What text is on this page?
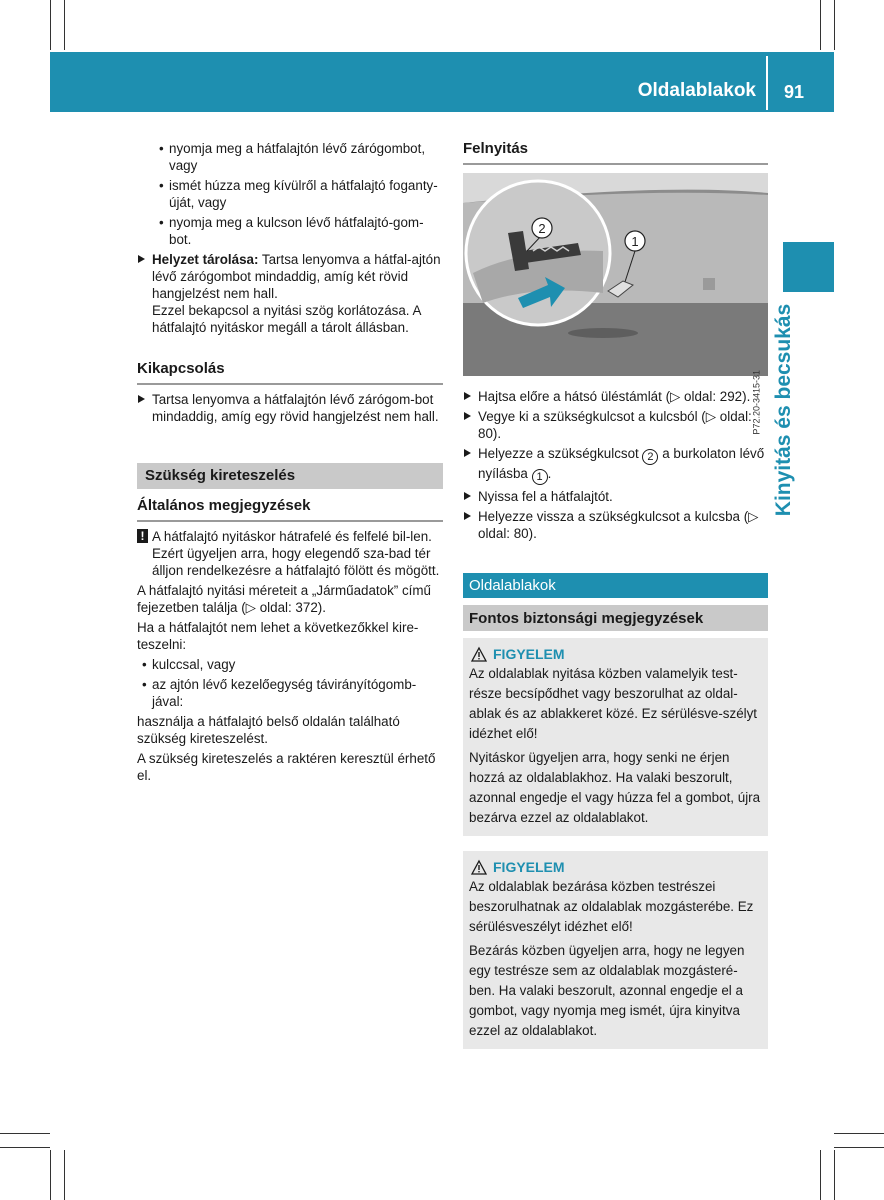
Oldalablakok 91
Kinyitás és becsukás
• nyomja meg a hátfalajtón lévő zárógombot, vagy
• ismét húzza meg kívülről a hátfalajtó foganty-úját, vagy
• nyomja meg a kulcson lévő hátfalajtó-gom-bot.
Helyzet tárolása: Tartsa lenyomva a hátfal-ajtón lévő zárógombot mindaddig, amíg két rövid hangjelzést nem hall.
Ezzel bekapcsol a nyitási szög korlátozása. A hátfalajtó nyitáskor megáll a tárolt állásban.
Kikapcsolás
Tartsa lenyomva a hátfalajtón lévő zárógom-bot mindaddig, amíg egy rövid hangjelzést nem hall.
Szükség kireteszelés
Általános megjegyzések
! A hátfalajtó nyitáskor hátrafelé és felfelé bil-len. Ezért ügyeljen arra, hogy elegendő sza-bad tér álljon rendelkezésre a hátfalajtó fölött és mögött.
A hátfalajtó nyitási méreteit a „Járműadatok” című fejezetben találja (▷ oldal: 372).
Ha a hátfalajtót nem lehet a következőkkel kire-teszelni:
• kulccsal, vagy
• az ajtón lévő kezelőegység távirányítógomb-jával:
használja a hátfalajtó belső oldalán található szükség kireteszelést.
A szükség kireteszelés a raktéren keresztül érhető el.
Felnyitás
2
1
P72.20-3415-31
Hajtsa előre a hátsó üléstámlát (▷ oldal: 292).
Vegye ki a szükségkulcsot a kulcsból (▷ oldal: 80).
Helyezze a szükségkulcsot 2 a burkolaton lévő nyílásba 1 .
Nyissa fel a hátfalajtót.
Helyezze vissza a szükségkulcsot a kulcsba (▷ oldal: 80).
Oldalablakok
Fontos biztonsági megjegyzések
FIGYELEM
Az oldalablak nyitása közben valamelyik test-része becsípődhet vagy beszorulhat az oldal-ablak és az ablakkeret közé. Ez sérülésve-szélyt idézhet elő!
Nyitáskor ügyeljen arra, hogy senki ne érjen hozzá az oldalablakhoz. Ha valaki beszorult, azonnal engedje el vagy húzza fel a gombot, újra bezárva ezzel az oldalablakot.
FIGYELEM
Az oldalablak bezárása közben testrészei beszorulhatnak az oldalablak mozgásterébe. Ez sérülésveszélyt idézhet elő!
Bezárás közben ügyeljen arra, hogy ne legyen egy testrésze sem az oldalablak mozgásteré-ben. Ha valaki beszorult, azonnal engedje el a gombot, vagy nyomja meg ismét, újra kinyitva ezzel az oldalablakot.
